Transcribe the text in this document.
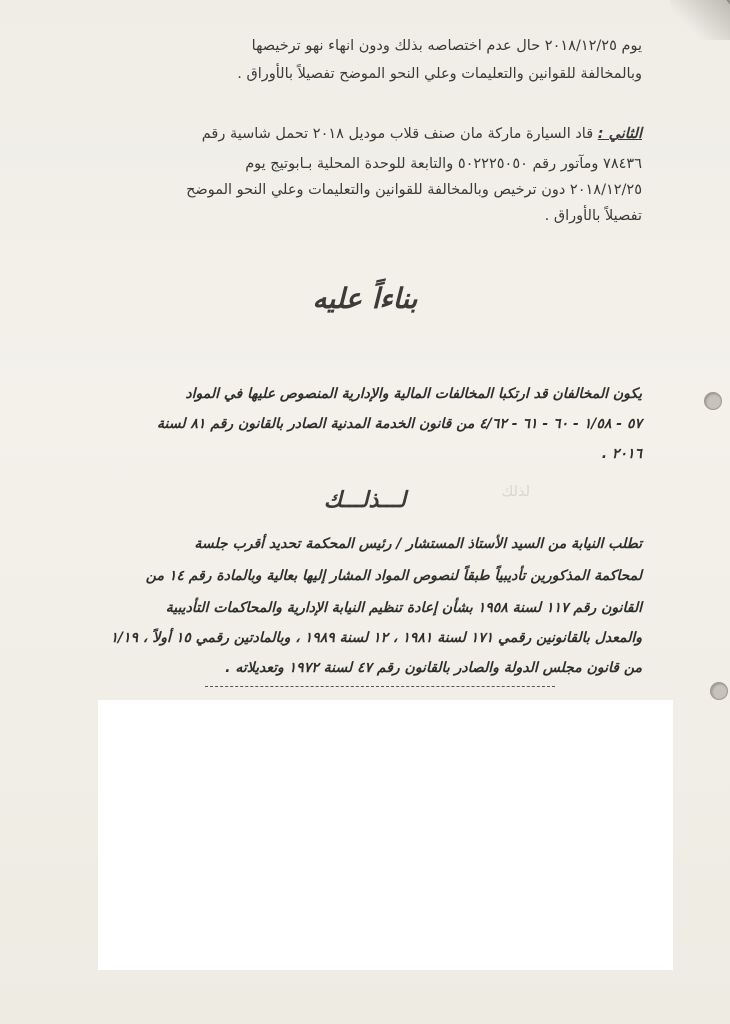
يوم ٢٠١٨/١٢/٢٥ حال عدم اختصاصه بذلك ودون انهاء نهو ترخيصها
وبالمخالفة للقوانين والتعليمات وعلي النحو الموضح تفصيلاً بالأوراق .
الثاني : قاد السيارة ماركة مان صنف قلاب موديل ٢٠١٨ تحمل شاسية رقم
٧٨٤٣٦ ومآتور رقم ٥٠٢٢٢٥٠٥٠ والتابعة للوحدة المحلية بـابوتيج يوم
٢٠١٨/١٢/٢٥ دون ترخيص وبالمخالفة للقوانين والتعليمات وعلي النحو الموضح
تفصيلاً بالأوراق .
بناءاً عليه
يكون المخالفان قد ارتكبا المخالفات المالية والإدارية المنصوص عليها في المواد
٥٧ - ١/٥٨ - ٦٠ - ٦١ - ٤/٦٢ من قانون الخدمة المدنية الصادر بالقانون رقم ٨١ لسنة
٢٠١٦ .
لذلك
لـــذلـــك
تطلب النيابة من السيد الأستاذ المستشار / رئيس المحكمة تحديد أقرب جلسة
لمحاكمة المذكورين تأديبياً طبقاً لنصوص المواد المشار إليها بعالية وبالمادة رقم ١٤ من
القانون رقم ١١٧ لسنة ١٩٥٨ بشأن إعادة تنظيم النيابة الإدارية والمحاكمات التأديبية
والمعدل بالقانونين رقمي ١٧١ لسنة ١٩٨١ ، ١٢ لسنة ١٩٨٩ ، وبالمادتين رقمي ١٥ أولاً ، ١/١٩
من قانون مجلس الدولة والصادر بالقانون رقم ٤٧ لسنة ١٩٧٢ وتعديلاته .
